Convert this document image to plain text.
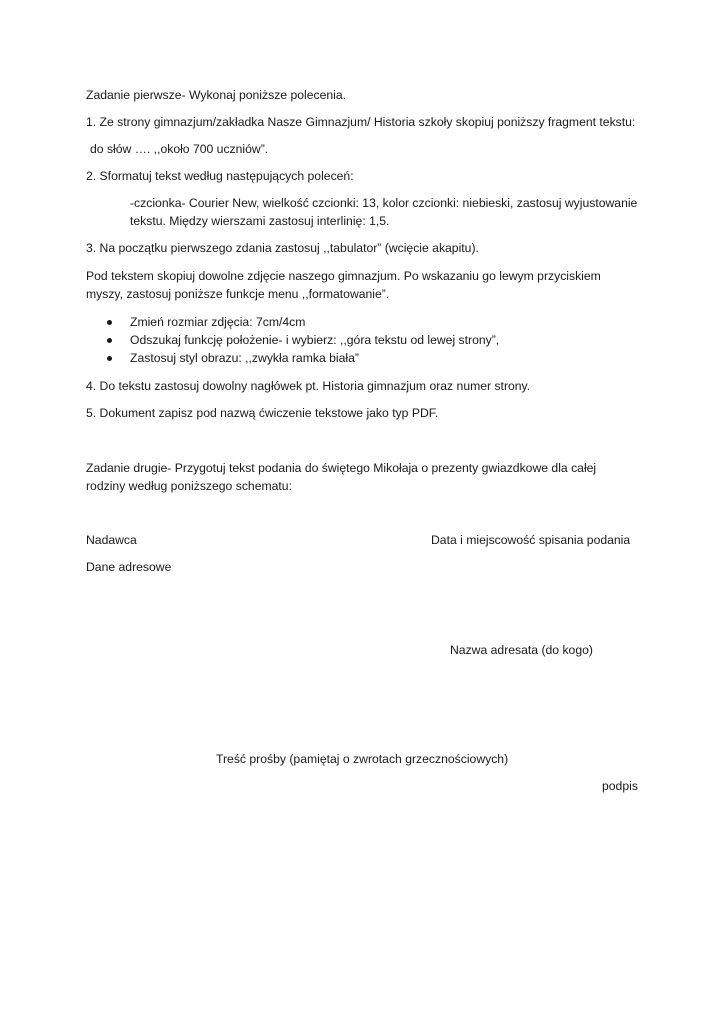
Zadanie pierwsze- Wykonaj poniższe polecenia.
1. Ze strony gimnazjum/zakładka Nasze Gimnazjum/ Historia szkoły skopiuj poniższy fragment tekstu:
do słów …. ,,około 700 uczniów”.
2. Sformatuj tekst według następujących poleceń:
-czcionka- Courier New, wielkość czcionki: 13, kolor czcionki: niebieski, zastosuj wyjustowanie
tekstu. Między wierszami zastosuj interlinię: 1,5.
3. Na początku pierwszego zdania zastosuj ,,tabulator” (wcięcie akapitu).
Pod tekstem skopiuj dowolne zdjęcie naszego gimnazjum. Po wskazaniu go lewym przyciskiem
myszy, zastosuj poniższe funkcje menu ,,formatowanie”.
Zmień rozmiar zdjęcia: 7cm/4cm
Odszukaj funkcję położenie- i wybierz: ,,góra tekstu od lewej strony”,
Zastosuj styl obrazu: ,,zwykła ramka biała”
4. Do tekstu zastosuj dowolny nagłówek pt. Historia gimnazjum oraz numer strony.
5. Dokument zapisz pod nazwą ćwiczenie tekstowe jako typ PDF.
Zadanie drugie- Przygotuj tekst podania do świętego Mikołaja o prezenty gwiazdkowe dla całej
rodziny według poniższego schematu:
Nadawca	Data i miejscowość spisania podania
Dane adresowe
Nazwa adresata (do kogo)
Treść prośby (pamiętaj o zwrotach grzecznościowych)
podpis
